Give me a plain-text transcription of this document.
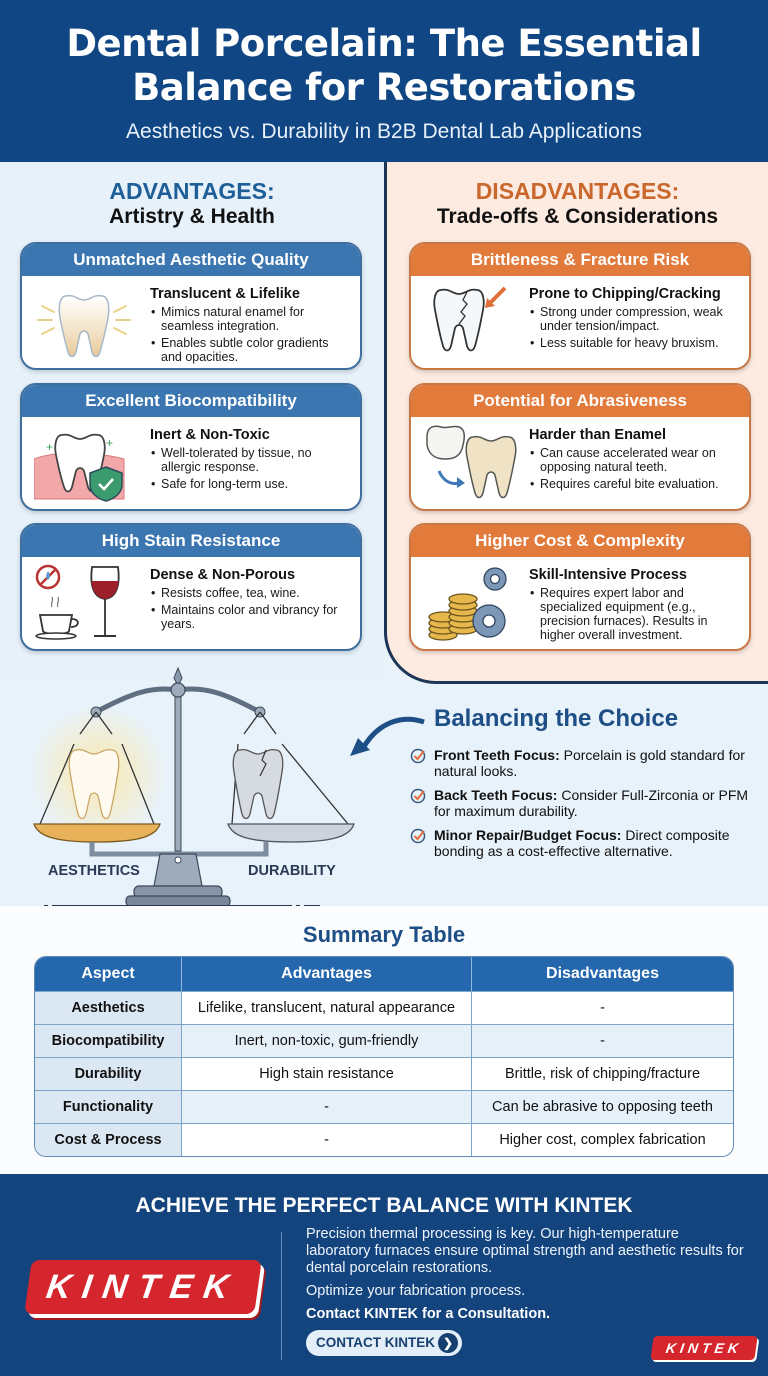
Dental Porcelain: The Essential
Balance for Restorations
Aesthetics vs. Durability in B2B Dental Lab Applications
ADVANTAGES:
Artistry & Health
Unmatched Aesthetic Quality
Translucent & Lifelike
• Mimics natural enamel for seamless integration.
• Enables subtle color gradients and opacities.
Excellent Biocompatibility
+	+	Inert & Non-Toxic
• Well-tolerated by tissue, no allergic response.
• Safe for long-term use.
High Stain Resistance
Dense & Non-Porous
• Resists coffee, tea, wine.
• Maintains color and vibrancy for years.
DISADVANTAGES:
Trade-offs & Considerations
Brittleness & Fracture Risk
Prone to Chipping/Cracking
• Strong under compression, weak under tension/impact.
• Less suitable for heavy bruxism.
Potential for Abrasiveness
Harder than Enamel
• Can cause accelerated wear on opposing natural teeth.
• Requires careful bite evaluation.
Higher Cost & Complexity
Skill-Intensive Process
• Requires expert labor and specialized equipment (e.g., precision furnaces). Results in higher overall investment.
AESTHETICS	DURABILITY
Balancing the Choice
Front Teeth Focus: Porcelain is gold standard for natural looks.
Back Teeth Focus: Consider Full-Zirconia or PFM for maximum durability.
Minor Repair/Budget Focus: Direct composite bonding as a cost-effective alternative.
Summary Table
Aspect	Advantages	Disadvantages
Aesthetics	Lifelike, translucent, natural appearance	-
Biocompatibility	Inert, non-toxic, gum-friendly	-
Durability	High stain resistance	Brittle, risk of chipping/fracture
Functionality	-	Can be abrasive to opposing teeth
Cost & Process	-	Higher cost, complex fabrication
ACHIEVE THE PERFECT BALANCE WITH KINTEK
KINTEK

Precision thermal processing is key. Our high-temperature laboratory furnaces ensure optimal strength and aesthetic results for dental porcelain restorations.

Optimize your fabrication process.

Contact KINTEK for a Consultation.

CONTACT KINTEK ❯	KINTEK
